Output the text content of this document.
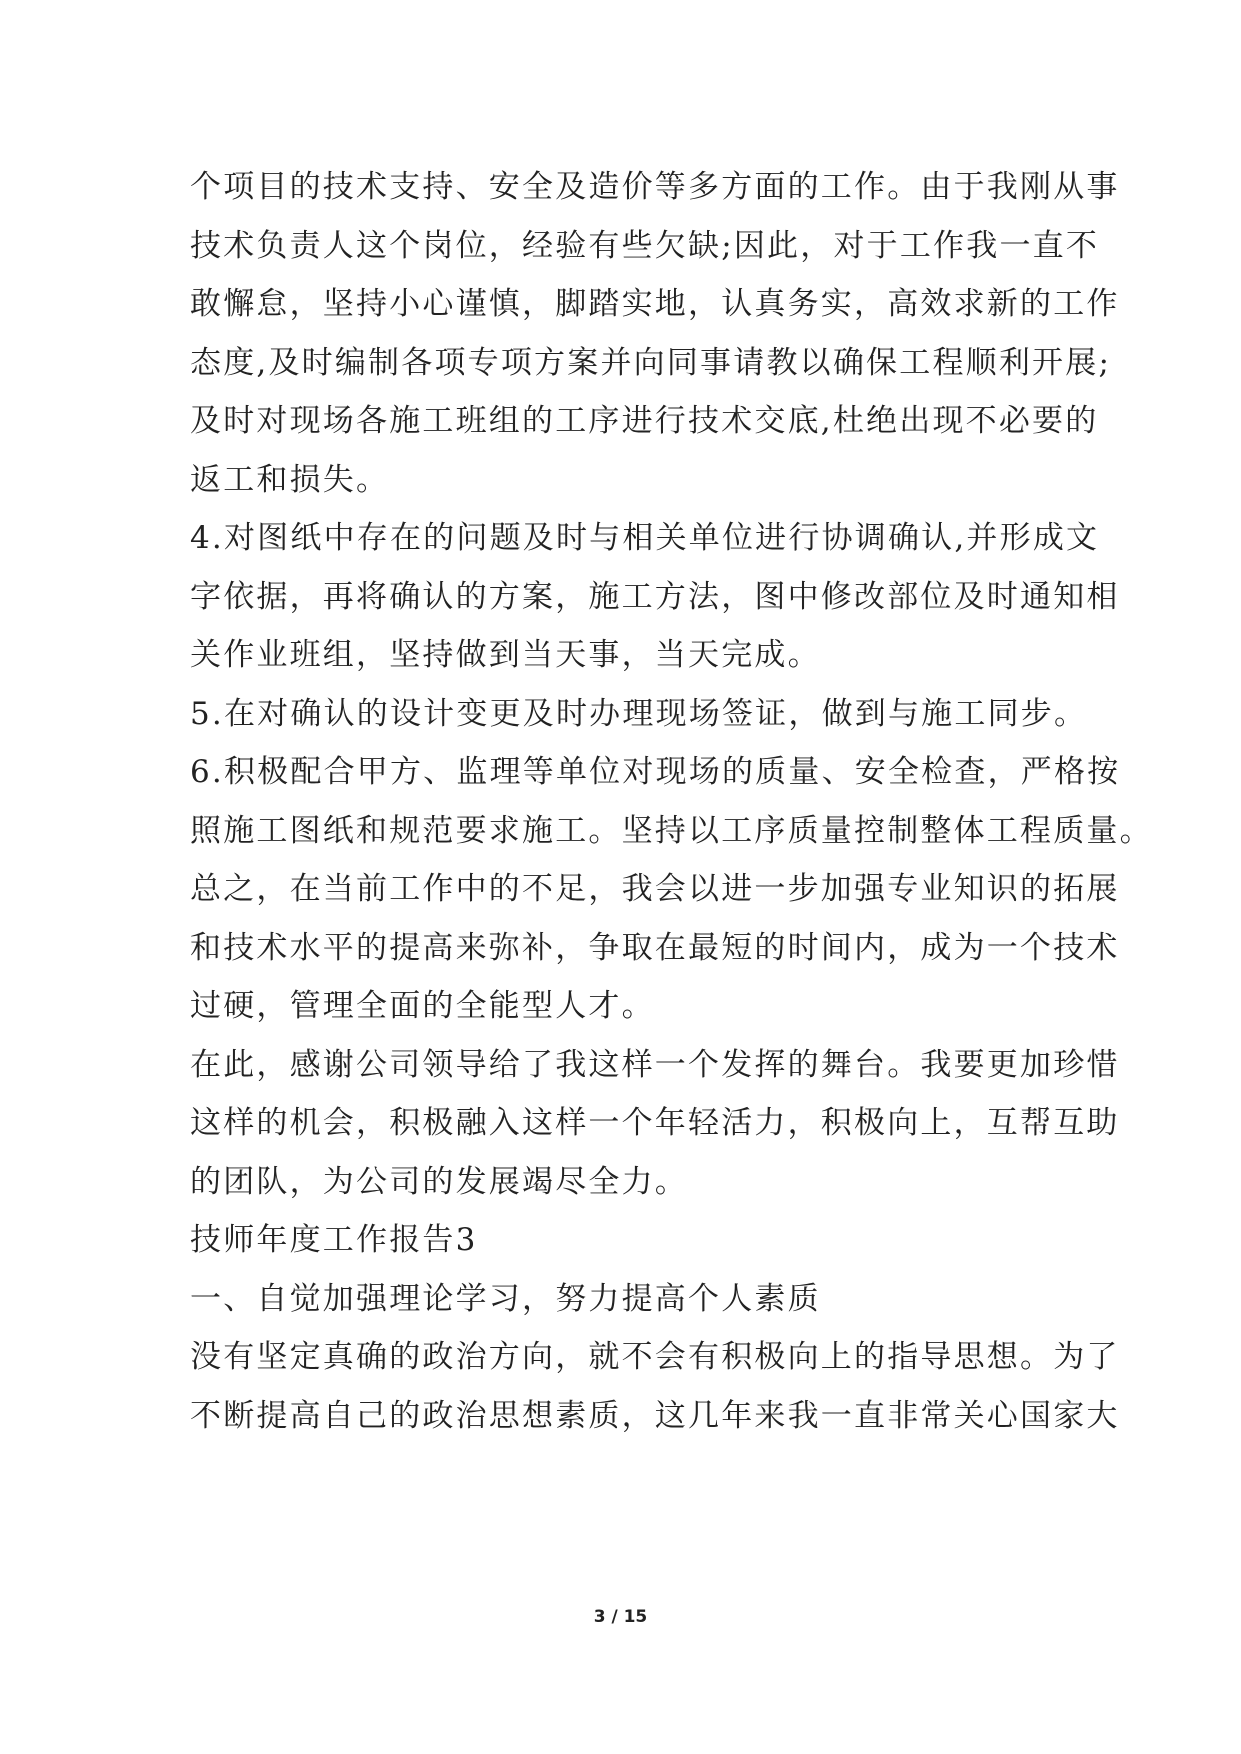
个项目的技术支持、安全及造价等多方面的工作。由于我刚从事
技术负责人这个岗位，经验有些欠缺;因此，对于工作我一直不
敢懈怠，坚持小心谨慎，脚踏实地，认真务实，高效求新的工作
态度,及时编制各项专项方案并向同事请教以确保工程顺利开展;
及时对现场各施工班组的工序进行技术交底,杜绝出现不必要的
返工和损失。
4.对图纸中存在的问题及时与相关单位进行协调确认,并形成文
字依据，再将确认的方案，施工方法，图中修改部位及时通知相
关作业班组，坚持做到当天事，当天完成。
5.在对确认的设计变更及时办理现场签证，做到与施工同步。
6.积极配合甲方、监理等单位对现场的质量、安全检查，严格按
照施工图纸和规范要求施工。坚持以工序质量控制整体工程质量。
总之，在当前工作中的不足，我会以进一步加强专业知识的拓展
和技术水平的提高来弥补，争取在最短的时间内，成为一个技术
过硬，管理全面的全能型人才。
在此，感谢公司领导给了我这样一个发挥的舞台。我要更加珍惜
这样的机会，积极融入这样一个年轻活力，积极向上，互帮互助
的团队，为公司的发展竭尽全力。
技师年度工作报告3
一、自觉加强理论学习，努力提高个人素质
没有坚定真确的政治方向，就不会有积极向上的指导思想。为了
不断提高自己的政治思想素质，这几年来我一直非常关心国家大
3 / 15
